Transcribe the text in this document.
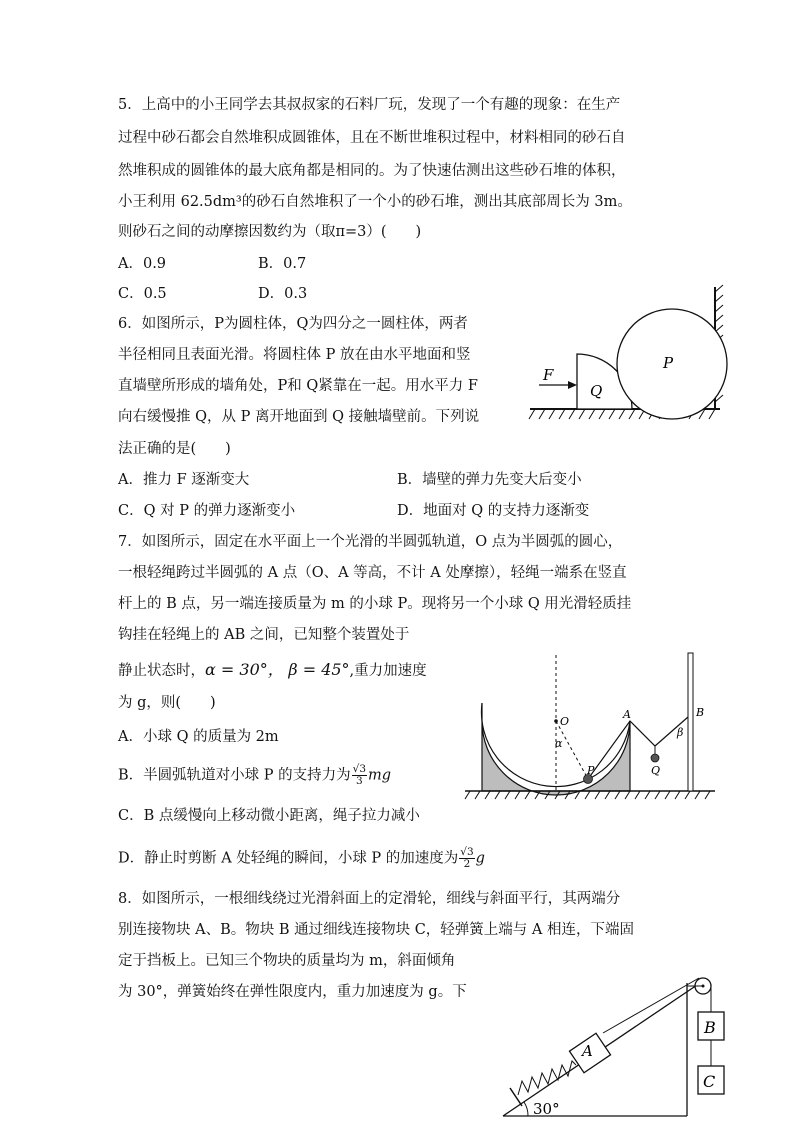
5．上高中的小王同学去其叔叔家的石料厂玩，发现了一个有趣的现象：在生产
过程中砂石都会自然堆积成圆锥体，且在不断世堆积过程中，材料相同的砂石自
然堆积成的圆锥体的最大底角都是相同的。为了快速估测出这些砂石堆的体积，
小王利用 62.5dm³的砂石自然堆积了一个小的砂石堆，测出其底部周长为 3m。
则砂石之间的动摩擦因数约为（取π=3）(　　)
A．0.9	B．0.7
C．0.5	D．0.3
6．如图所示，P为圆柱体，Q为四分之一圆柱体，两者
半径相同且表面光滑。将圆柱体 P 放在由水平地面和竖
直墙壁所形成的墙角处，P和 Q紧靠在一起。用水平力 F
向右缓慢推 Q，从 P 离开地面到 Q 接触墙壁前。下列说
法正确的是(　　)
A．推力 F 逐渐变大	B．墙壁的弹力先变大后变小
C．Q 对 P 的弹力逐渐变小	D．地面对 Q 的支持力逐渐变
F
Q
P
7．如图所示，固定在水平面上一个光滑的半圆弧轨道，O 点为半圆弧的圆心，
一根轻绳跨过半圆弧的 A 点（O、A 等高，不计 A 处摩擦），轻绳一端系在竖直
杆上的 B 点，另一端连接质量为 m 的小球 P。现将另一个小球 Q 用光滑轻质挂
钩挂在轻绳上的 AB 之间，已知整个装置处于
静止状态时，α = 30°， β = 45°,重力加速度
为 g，则(　　)
A．小球 Q 的质量为 2m
B．半圆弧轨道对小球 P 的支持力为 $\frac{√3}{3}$ mg
C．B 点缓慢向上移动微小距离，绳子拉力减小
D．静止时剪断 A 处轻绳的瞬间，小球 P 的加速度为 $\frac{√3}{2}$ g
O
A	B
P	Q
α
β
8．如图所示，一根细线绕过光滑斜面上的定滑轮，细线与斜面平行，其两端分
别连接物块 A、B。物块 B 通过细线连接物块 C，轻弹簧上端与 A 相连，下端固
定于挡板上。已知三个物块的质量均为 m，斜面倾角
为 30°，弹簧始终在弹性限度内，重力加速度为 g。下
A
B
C
30°
